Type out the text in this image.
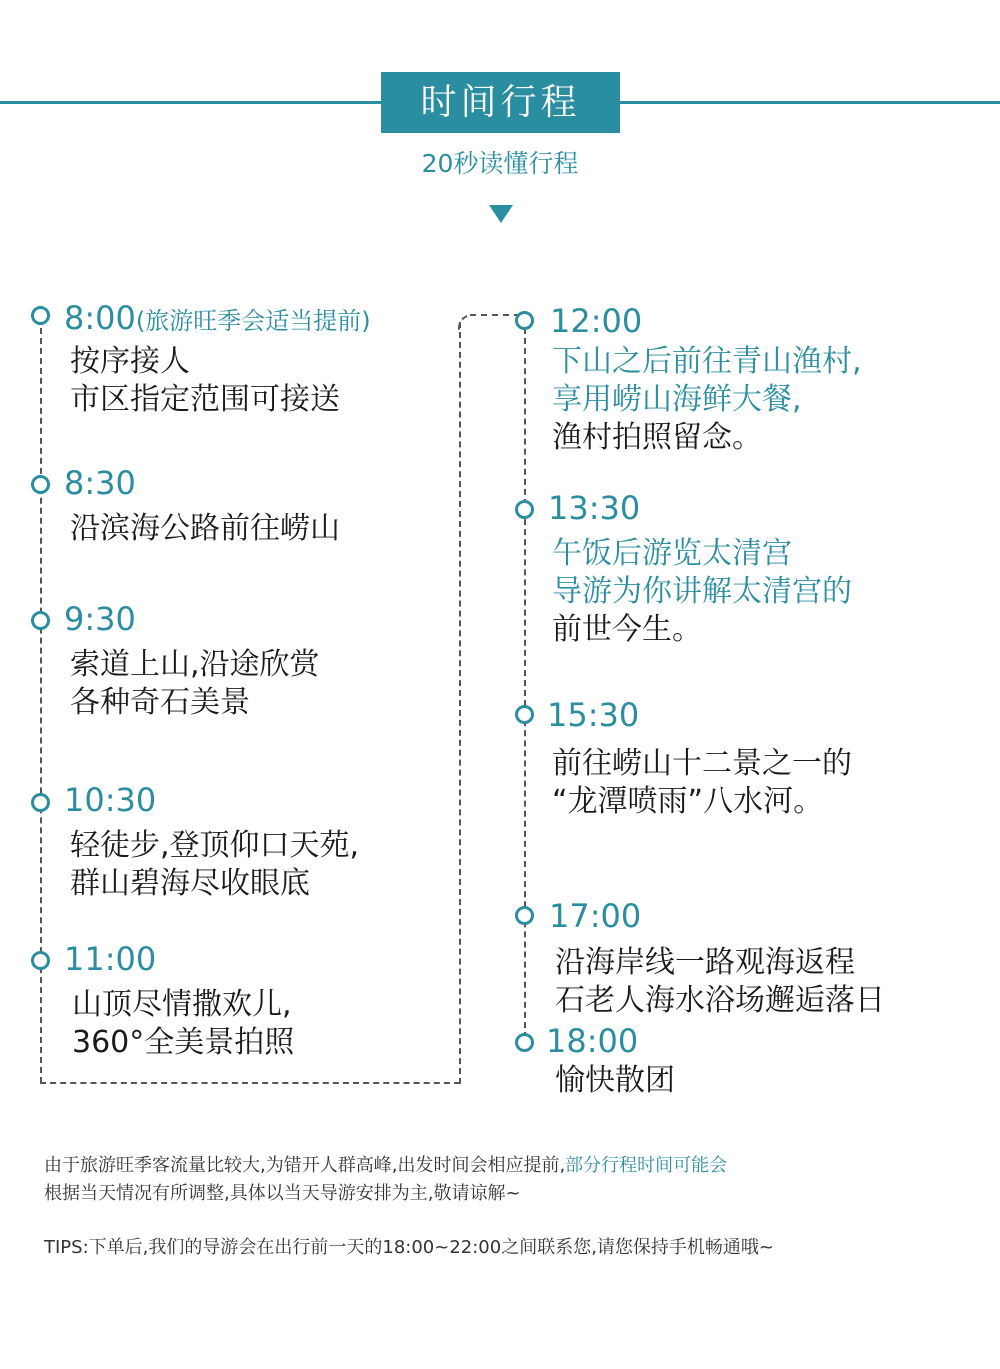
时间行程
20秒读懂行程
8:00(旅游旺季会适当提前)
按序接人
市区指定范围可接送
8:30
沿滨海公路前往崂山
9:30
索道上山,沿途欣赏
各种奇石美景
10:30
轻徒步,登顶仰口天苑,
群山碧海尽收眼底
11:00
山顶尽情撒欢儿,
360°全美景拍照
12:00
下山之后前往青山渔村,
享用崂山海鲜大餐,
渔村拍照留念。
13:30
午饭后游览太清宫
导游为你讲解太清宫的
前世今生。
15:30
前往崂山十二景之一的
“龙潭喷雨”八水河。
17:00
沿海岸线一路观海返程
石老人海水浴场邂逅落日
18:00
愉快散团
由于旅游旺季客流量比较大,为错开人群高峰,出发时间会相应提前,部分行程时间可能会
根据当天情况有所调整,具体以当天导游安排为主,敬请谅解~
TIPS:下单后,我们的导游会在出行前一天的18:00~22:00之间联系您,请您保持手机畅通哦~
